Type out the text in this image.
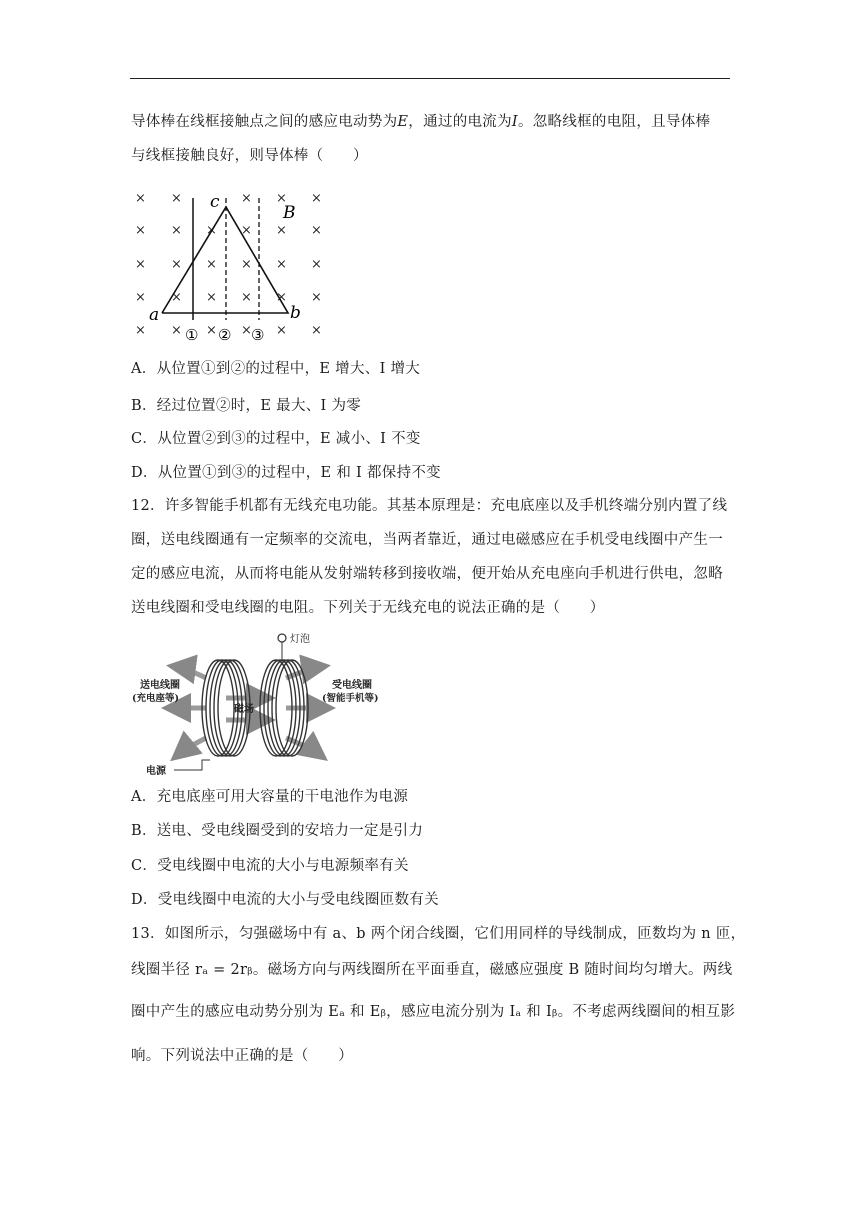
导体棒在线框接触点之间的感应电动势为E，通过的电流为I。忽略线框的电阻，且导体棒
与线框接触良好，则导体棒（　　）
× ×	× × ×
× × × × × ×
× × × × × ×
× × × × × ×
× × × × × ×
c
B
a	b
① ② ③
A．从位置①到②的过程中，E 增大、I 增大
B．经过位置②时，E 最大、I 为零
C．从位置②到③的过程中，E 减小、I 不变
D．从位置①到③的过程中，E 和 I 都保持不变
12．许多智能手机都有无线充电功能。其基本原理是：充电底座以及手机终端分别内置了线
圈，送电线圈通有一定频率的交流电，当两者靠近，通过电磁感应在手机受电线圈中产生一
定的感应电流，从而将电能从发射端转移到接收端，便开始从充电座向手机进行供电，忽略
送电线圈和受电线圈的电阻。下列关于无线充电的说法正确的是（　　）
灯泡
送电线圈
(充电座等)
受电线圈
(智能手机等)
磁场
电源
A．充电底座可用大容量的干电池作为电源
B．送电、受电线圈受到的安培力一定是引力
C．受电线圈中电流的大小与电源频率有关
D．受电线圈中电流的大小与受电线圈匝数有关
13．如图所示，匀强磁场中有 a、b 两个闭合线圈，它们用同样的导线制成，匝数均为 n 匝，
线圈半径 rₐ = 2rᵦ。磁场方向与两线圈所在平面垂直，磁感应强度 B 随时间均匀增大。两线
圈中产生的感应电动势分别为 Eₐ 和 Eᵦ，感应电流分别为 Iₐ 和 Iᵦ。不考虑两线圈间的相互影
响。下列说法中正确的是（　　）
